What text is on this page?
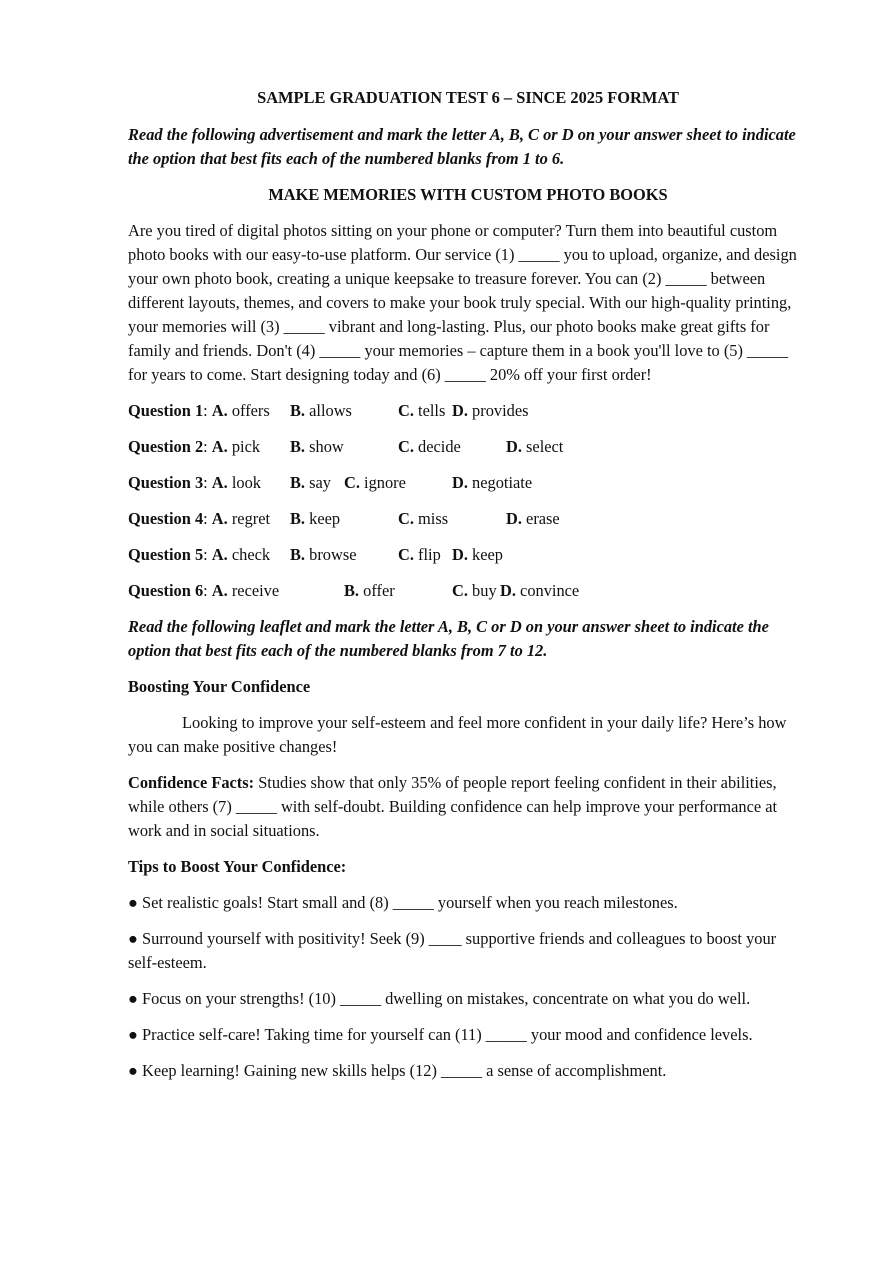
SAMPLE GRADUATION TEST 6 – SINCE 2025 FORMAT
Read the following advertisement and mark the letter A, B, C or D on your answer sheet to indicate the option that best fits each of the numbered blanks from 1 to 6.
MAKE MEMORIES WITH CUSTOM PHOTO BOOKS
Are you tired of digital photos sitting on your phone or computer? Turn them into beautiful custom photo books with our easy-to-use platform. Our service (1) _____ you to upload, organize, and design your own photo book, creating a unique keepsake to treasure forever. You can (2) _____ between different layouts, themes, and covers to make your book truly special. With our high-quality printing, your memories will (3) _____ vibrant and long-lasting. Plus, our photo books make great gifts for family and friends. Don't (4) _____ your memories – capture them in a book you'll love to (5) _____ for years to come. Start designing today and (6) _____ 20% off your first order!
Question 1: A. offers B. allows	C. tells D. provides
Question 2: A. pick B. show	C. decide	D. select
Question 3: A. look B. say C. ignore	D. negotiate
Question 4: A. regret B. keep	C. miss	D. erase
Question 5: A. check B. browse	C. flip D. keep
Question 6: A. receive	B. offer	C. buy D. convince
Read the following leaflet and mark the letter A, B, C or D on your answer sheet to indicate the option that best fits each of the numbered blanks from 7 to 12.
Boosting Your Confidence
Looking to improve your self-esteem and feel more confident in your daily life? Here’s how you can make positive changes!
Confidence Facts: Studies show that only 35% of people report feeling confident in their abilities, while others (7) _____ with self-doubt. Building confidence can help improve your performance at work and in social situations.
Tips to Boost Your Confidence:
● Set realistic goals! Start small and (8) _____ yourself when you reach milestones.
● Surround yourself with positivity! Seek (9) ____ supportive friends and colleagues to boost your self-esteem.
● Focus on your strengths! (10) _____ dwelling on mistakes, concentrate on what you do well.
● Practice self-care! Taking time for yourself can (11) _____ your mood and confidence levels.
● Keep learning! Gaining new skills helps (12) _____ a sense of accomplishment.
